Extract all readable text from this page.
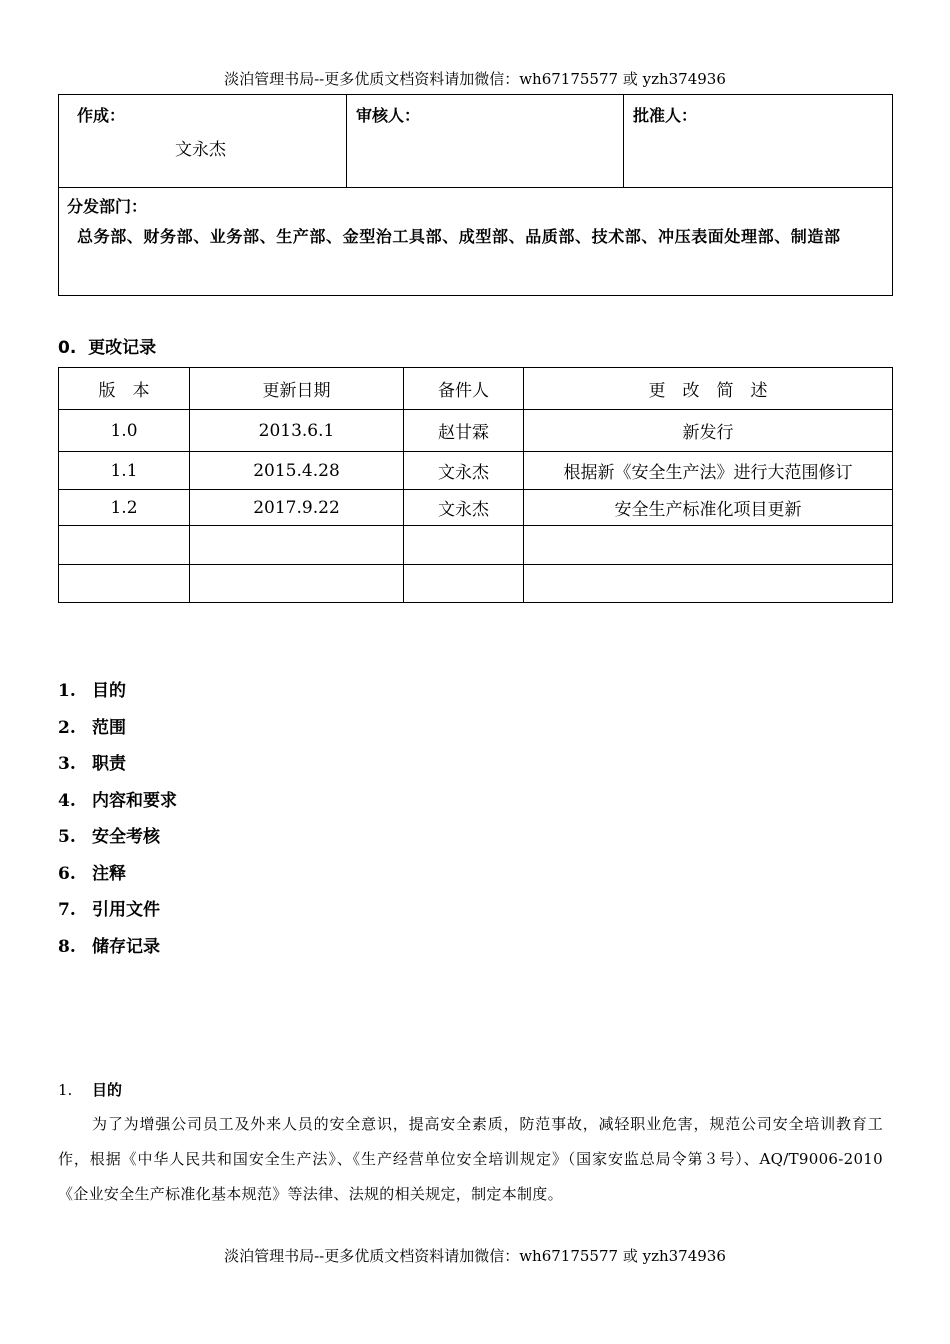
淡泊管理书局--更多优质文档资料请加微信：wh67175577 或 yzh374936
作成：
文永杰

审核人：	批准人：

分发部门：
总务部、财务部、业务部、生产部、金型治工具部、成型部、品质部、技术部、冲压表面处理部、制造部
0. 更改记录
版　本	更新日期	备件人	更　改　简　述
1.0	2013.6.1	赵甘霖	新发行
1.1	2015.4.28	文永杰	根据新《安全生产法》进行大范围修订
1.2	2017.9.22	文永杰	安全生产标准化项目更新

1. 目的
2. 范围
3. 职责
4. 内容和要求
5. 安全考核
6. 注释
7. 引用文件
8. 储存记录
1. 目的
为了为增强公司员工及外来人员的安全意识，提高安全素质，防范事故，减轻职业危害，规范公司安全培训教育工作，根据《中华人民共和国安全生产法》、《生产经营单位安全培训规定》（国家安监总局令第３号）、AQ/T9006-2010《企业安全生产标准化基本规范》等法律、法规的相关规定，制定本制度。
淡泊管理书局--更多优质文档资料请加微信：wh67175577 或 yzh374936
